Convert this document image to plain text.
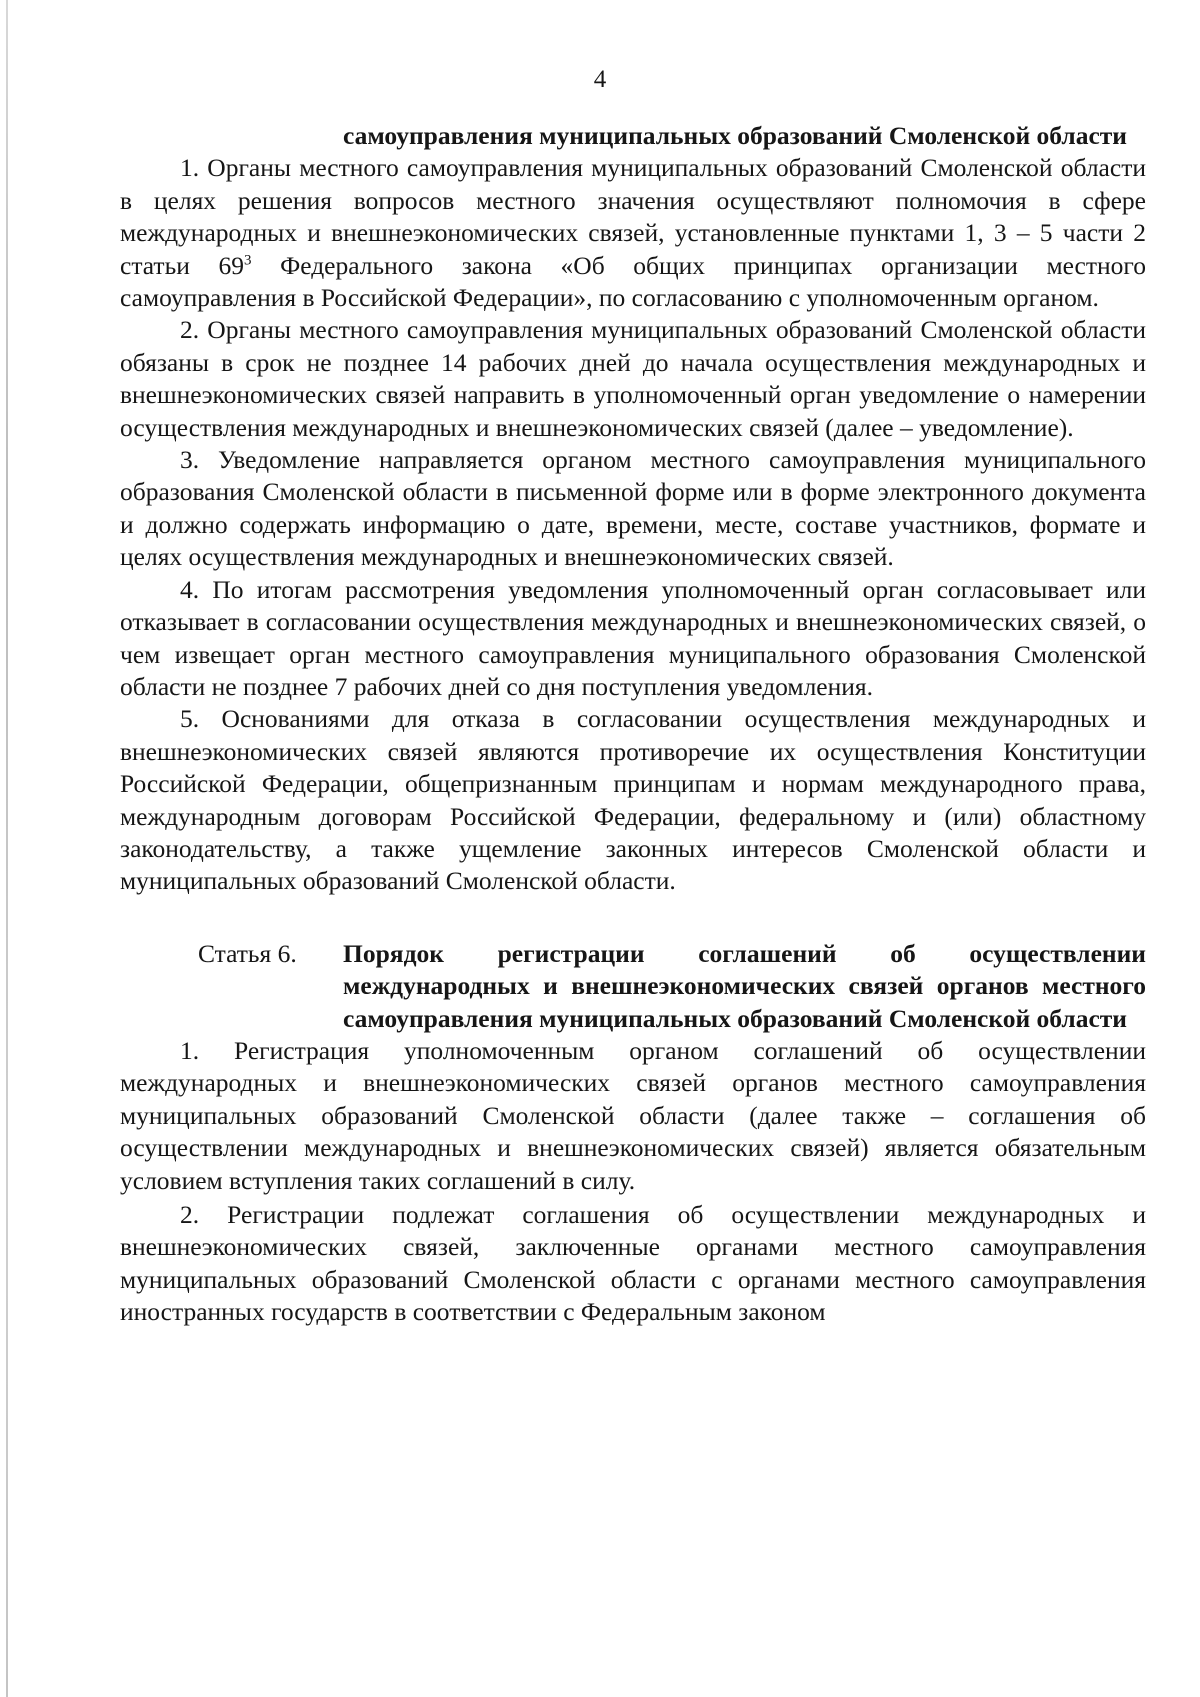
4
самоуправления муниципальных образований Смоленской области

1. Органы местного самоуправления муниципальных образований Смоленской области в целях решения вопросов местного значения осуществляют полномочия в сфере международных и внешнеэкономических связей, установленные пунктами 1, 3 – 5 части 2 статьи $69^3$ Федерального закона «Об общих принципах организации местного самоуправления в Российской Федерации», по согласованию с уполномоченным органом.

2. Органы местного самоуправления муниципальных образований Смоленской области обязаны в срок не позднее 14 рабочих дней до начала осуществления международных и внешнеэкономических связей направить в уполномоченный орган уведомление о намерении осуществления международных и внешнеэкономических связей (далее – уведомление).

3. Уведомление направляется органом местного самоуправления муниципального образования Смоленской области в письменной форме или в форме электронного документа и должно содержать информацию о дате, времени, месте, составе участников, формате и целях осуществления международных и внешнеэкономических связей.

4. По итогам рассмотрения уведомления уполномоченный орган согласовывает или отказывает в согласовании осуществления международных и внешнеэкономических связей, о чем извещает орган местного самоуправления муниципального образования Смоленской области не позднее 7 рабочих дней со дня поступления уведомления.

5. Основаниями для отказа в согласовании осуществления международных и внешнеэкономических связей являются противоречие их осуществления Конституции Российской Федерации, общепризнанным принципам и нормам международного права, международным договорам Российской Федерации, федеральному и (или) областному законодательству, а также ущемление законных интересов Смоленской области и муниципальных образований Смоленской области.

Статья 6.	Порядок регистрации соглашений об осуществлении международных и внешнеэкономических связей органов местного самоуправления муниципальных образований Смоленской области

1. Регистрация уполномоченным органом соглашений об осуществлении международных и внешнеэкономических связей органов местного самоуправления муниципальных образований Смоленской области (далее также – соглашения об осуществлении международных и внешнеэкономических связей) является обязательным условием вступления таких соглашений в силу.

2. Регистрации подлежат соглашения об осуществлении международных и внешнеэкономических связей, заключенные органами местного самоуправления муниципальных образований Смоленской области с органами местного самоуправления иностранных государств в соответствии с Федеральным законом
